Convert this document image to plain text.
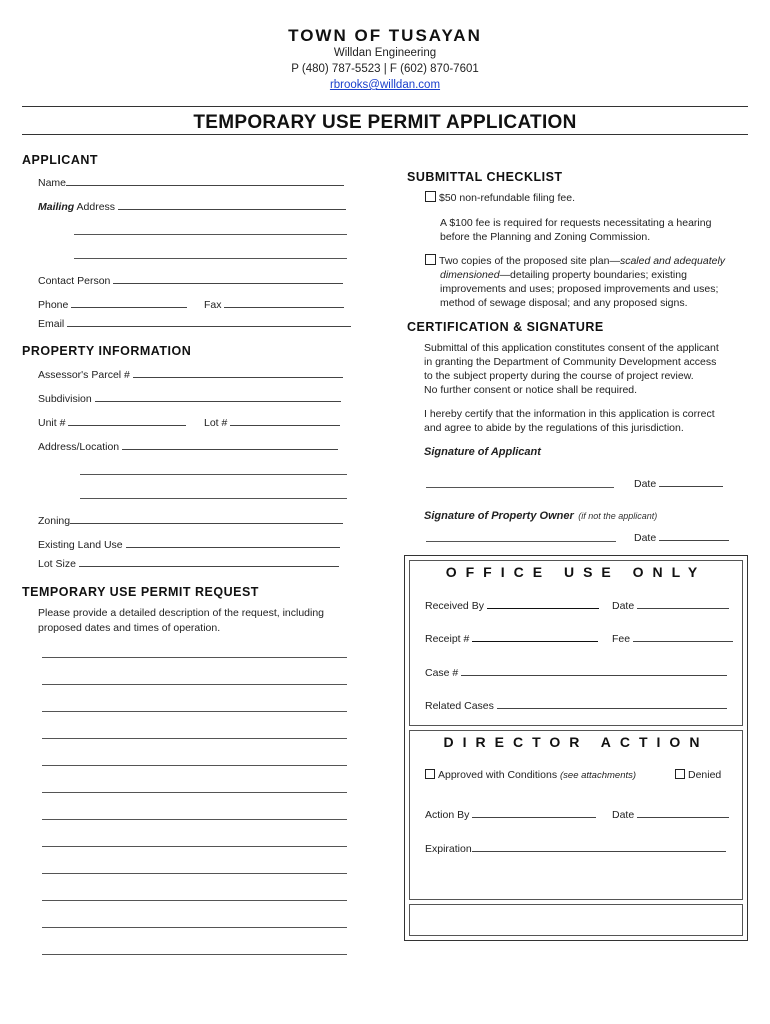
TOWN OF TUSAYAN
Willdan Engineering
P (480) 787-5523 | F (602) 870-7601
rbrooks@willdan.com
TEMPORARY USE PERMIT APPLICATION
APPLICANT
Name
Mailing Address
Contact Person
Phone	Fax
Email
PROPERTY INFORMATION
Assessor's Parcel #
Subdivision
Unit #	Lot #
Address/Location
Zoning
Existing Land Use
Lot Size
TEMPORARY USE PERMIT REQUEST
Please provide a detailed description of the request, including
proposed dates and times of operation.
SUBMITTAL CHECKLIST
$50 non-refundable filing fee.
A $100 fee is required for requests necessitating a hearing
before the Planning and Zoning Commission.
Two copies of the proposed site plan—scaled and adequately
dimensioned—detailing property boundaries; existing
improvements and uses; proposed improvements and uses;
method of sewage disposal; and any proposed signs.
CERTIFICATION & SIGNATURE
Submittal of this application constitutes consent of the applicant
in granting the Department of Community Development access
to the subject property during the course of project review.
No further consent or notice shall be required.
I hereby certify that the information in this application is correct
and agree to abide by the regulations of this jurisdiction.
Signature of Applicant
Date
Signature of Property Owner (if not the applicant)
Date
OFFICE USE ONLY
Received By	Date
Receipt #	Fee
Case #
Related Cases
DIRECTOR ACTION
Approved with Conditions (see attachments)	Denied
Action By	Date
Expiration
